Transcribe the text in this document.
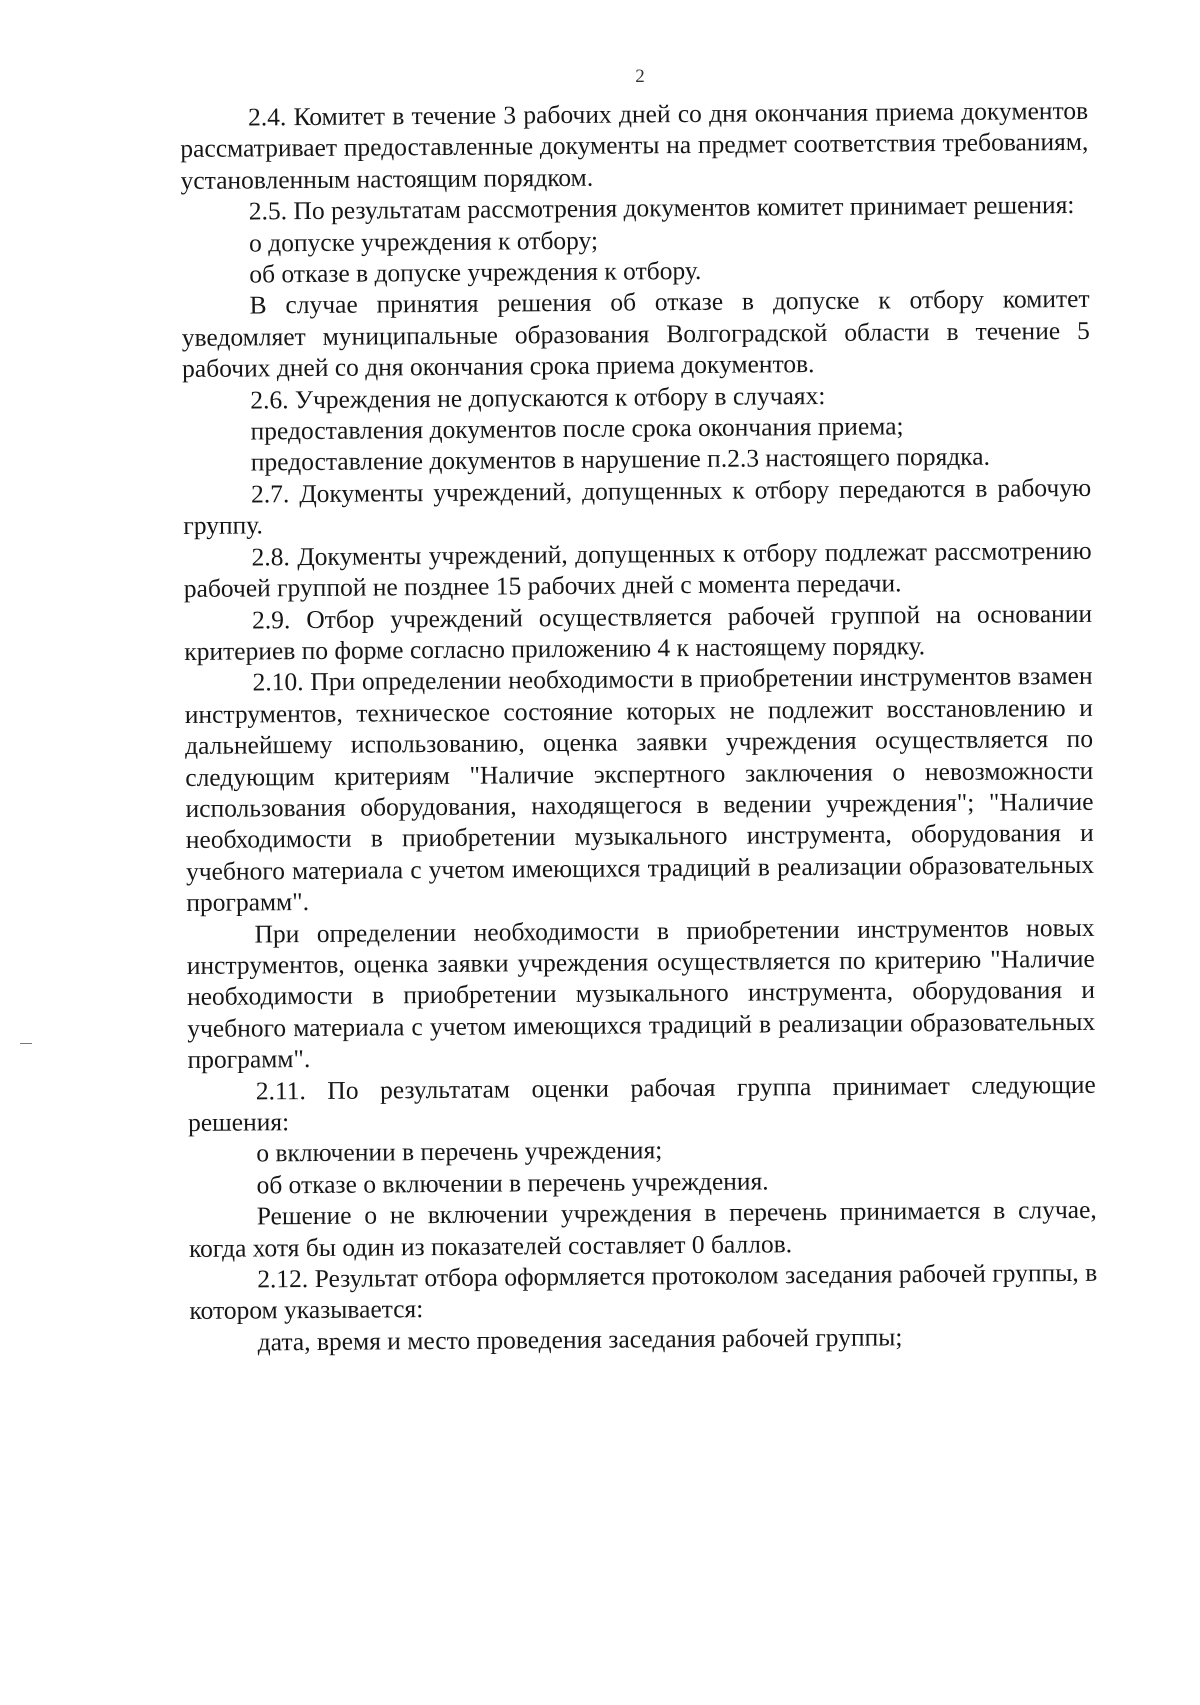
2

2.4. Комитет в течение 3 рабочих дней со дня окончания приема документов рассматривает предоставленные документы на предмет соответствия требованиям, установленным настоящим порядком.

2.5. По результатам рассмотрения документов комитет принимает решения:

о допуске учреждения к отбору;

об отказе в допуске учреждения к отбору.

В случае принятия решения об отказе в допуске к отбору комитет уведомляет муниципальные образования Волгоградской области в течение 5 рабочих дней со дня окончания срока приема документов.

2.6. Учреждения не допускаются к отбору в случаях:

предоставления документов после срока окончания приема;

предоставление документов в нарушение п.2.3 настоящего порядка.

2.7. Документы учреждений, допущенных к отбору передаются в рабочую группу.

2.8. Документы учреждений, допущенных к отбору подлежат рассмотрению рабочей группой не позднее 15 рабочих дней с момента передачи.

2.9. Отбор учреждений осуществляется рабочей группой на основании критериев по форме согласно приложению 4 к настоящему порядку.

2.10. При определении необходимости в приобретении инструментов взамен инструментов, техническое состояние которых не подлежит восстановлению и дальнейшему использованию, оценка заявки учреждения осуществляется по следующим критериям "Наличие экспертного заключения о невозможности использования оборудования, находящегося в ведении учреждения"; "Наличие необходимости в приобретении музыкального инструмента, оборудования и учебного материала с учетом имеющихся традиций в реализации образовательных программ".

При определении необходимости в приобретении инструментов новых инструментов, оценка заявки учреждения осуществляется по критерию "Наличие необходимости в приобретении музыкального инструмента, оборудования и учебного материала с учетом имеющихся традиций в реализации образовательных программ".

2.11. По результатам оценки рабочая группа принимает следующие решения:

о включении в перечень учреждения;

об отказе о включении в перечень учреждения.

Решение о не включении учреждения в перечень принимается в случае, когда хотя бы один из показателей составляет 0 баллов.

2.12. Результат отбора оформляется протоколом заседания рабочей группы, в котором указывается:

дата, время и место проведения заседания рабочей группы;
